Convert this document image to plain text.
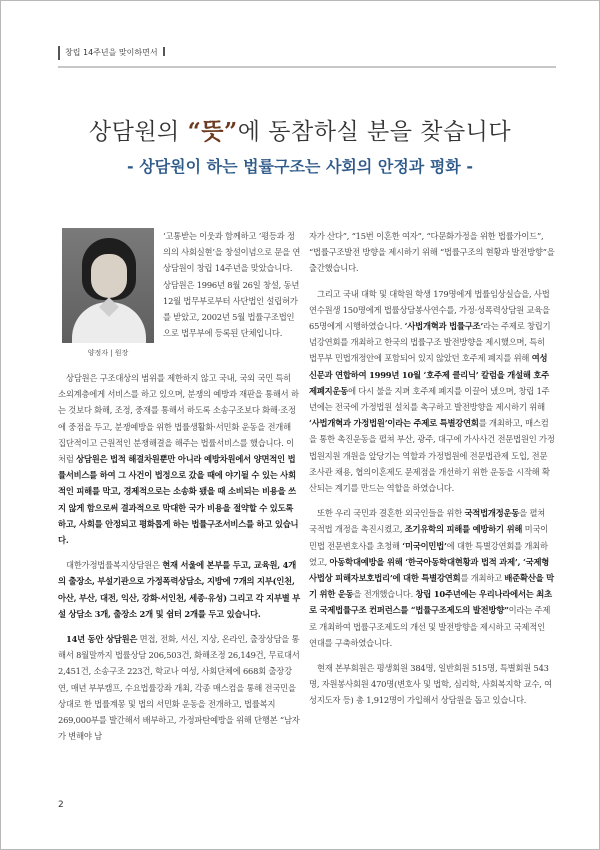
창립 14주년을 맞이하면서
상담원의 “뜻”에 동참하실 분을 찾습니다
- 상담원이 하는 법률구조는 사회의 안정과 평화 -
양정자 | 원장

‘고통받는 이웃과 함께하고 ’평등과 정의의 사회실현’을 창설이념으로 문을 연 상담원이 창립 14주년을 맞았습니다. 상담원은 1996년 8월 26일 창설, 동년 12월 법무부로부터 사단법인 설립허가를 받았고, 2002년 5월 법률구조법인으로 법무부에 등록된 단체입니다.

상담원은 구조대상의 범위를 제한하지 않고 국내, 국외 국민 특히 소외계층에게 서비스를 하고 있으며, 분쟁의 예방과 재판을 통해서 하는 것보다 화해, 조정, 중재를 통해서 하도록 소송구조보다 화해·조정에 중점을 두고, 분쟁예방을 위한 법률생활화·서민화 운동을 전개해 집단적이고 근원적인 분쟁해결을 해주는 법률서비스를 했습니다. 이처럼 상담원은 법적 해결차원뿐만 아니라 예방차원에서 양면적인 법률서비스를 하여 그 사건이 법정으로 갔을 때에 야기될 수 있는 사회적인 피해를 막고, 경제적으로는 소송화 됐을 때 소비되는 비용을 쓰지 않게 함으로써 결과적으로 막대한 국가 비용을 절약할 수 있도록 하고, 사회를 안정되고 평화롭게 하는 법률구조서비스를 하고 있습니다.

대한가정법률복지상담원은 현재 서울에 본부를 두고, 교육원, 4개의 출장소, 부설기관으로 가정폭력상담소, 지방에 7개의 지부(인천, 아산, 부산, 대전, 익산, 강화·서인천, 세종·유성) 그리고 각 지부별 부설 상담소 3개, 출장소 2개 및 쉼터 2개를 두고 있습니다.

14년 동안 상담원은 면접, 전화, 서신, 지상, 온라인, 출장상담을 통해서 8월말까지 법률상담 206,503건, 화해조정 26,149건, 무료대서 2,451건, 소송구조 223건, 학교나 여성, 사회단체에 668회 출장강연, 매년 부부캠프, 수요법률강좌 개최, 각종 매스컴을 통해 전국민을 상대로 한 법률계몽 및 법의 서민화 운동을 전개하고, 법률복지 269,000부를 발간해서 배부하고, 가정파탄예방을 위해 단행본 “남자가 변해야 남

자가 산다”, “15번 이혼한 여자”, “다문화가정을 위한 법률가이드”, “법률구조발전 방향을 제시하기 위해 “법률구조의 현황과 발전방향”을 출간했습니다.

그리고 국내 대학 및 대학원 학생 179명에게 법률임상실습을, 사법연수원생 150명에게 법률상담봉사연수를, 가정·성폭력상담원 교육을 65명에게 시행하였습니다. ‘사법개혁과 법률구조’라는 주제로 창립기념강연회를 개최하고 한국의 법률구조 발전방향을 제시했으며, 특히 법무부 민법개정안에 포함되어 있지 않았던 호주제 폐지를 위해 여성신문과 연합하여 1999년 10월 ‘호주제 클리닉’ 칼럼을 개설해 호주제폐지운동에 다시 불을 지펴 호주제 폐지를 이끌어 냈으며, 창립 1주년에는 전국에 가정법원 설치를 촉구하고 발전방향을 제시하기 위해 ‘사법개혁과 가정법원’이라는 주제로 특별강연회를 개최하고, 매스컴을 통한 촉진운동을 펼쳐 부산, 광주, 대구에 가사사건 전문법원인 가정법원지원 개원을 앞당기는 역할과 가정법원에 전문법관제 도입, 전문조사관 채용, 협의이혼제도 문제점을 개선하기 위한 운동을 시작해 확산되는 계기를 만드는 역할을 하였습니다.

또한 우리 국민과 결혼한 외국인들을 위한 국적법개정운동을 펼쳐 국적법 개정을 촉진시켰고, 조기유학의 피해를 예방하기 위해 미국이민법 전문변호사를 초청해 ‘미국이민법’에 대한 특별강연회를 개최하였고, 아동학대예방을 위해 ‘한국아동학대현황과 법적 과제’, ‘국제형사법상 피해자보호법리’에 대한 특별강연회를 개최하고 배준확산을 막기 위한 운동을 전개했습니다. 창립 10주년에는 우리나라에서는 최초로 국제법률구조 컨퍼런스를 “법률구조제도의 발전방향”이라는 주제로 개최하여 법률구조제도의 개선 및 발전방향을 제시하고 국제적인 연대를 구축하였습니다.

현재 본부회원은 평생회원 384명, 일반회원 515명, 특별회원 543명, 자원봉사회원 470명(변호사 및 법학, 심리학, 사회복지학 교수, 여성지도자 등) 총 1,912명이 가입해서 상담원을 돕고 있습니다.

2
